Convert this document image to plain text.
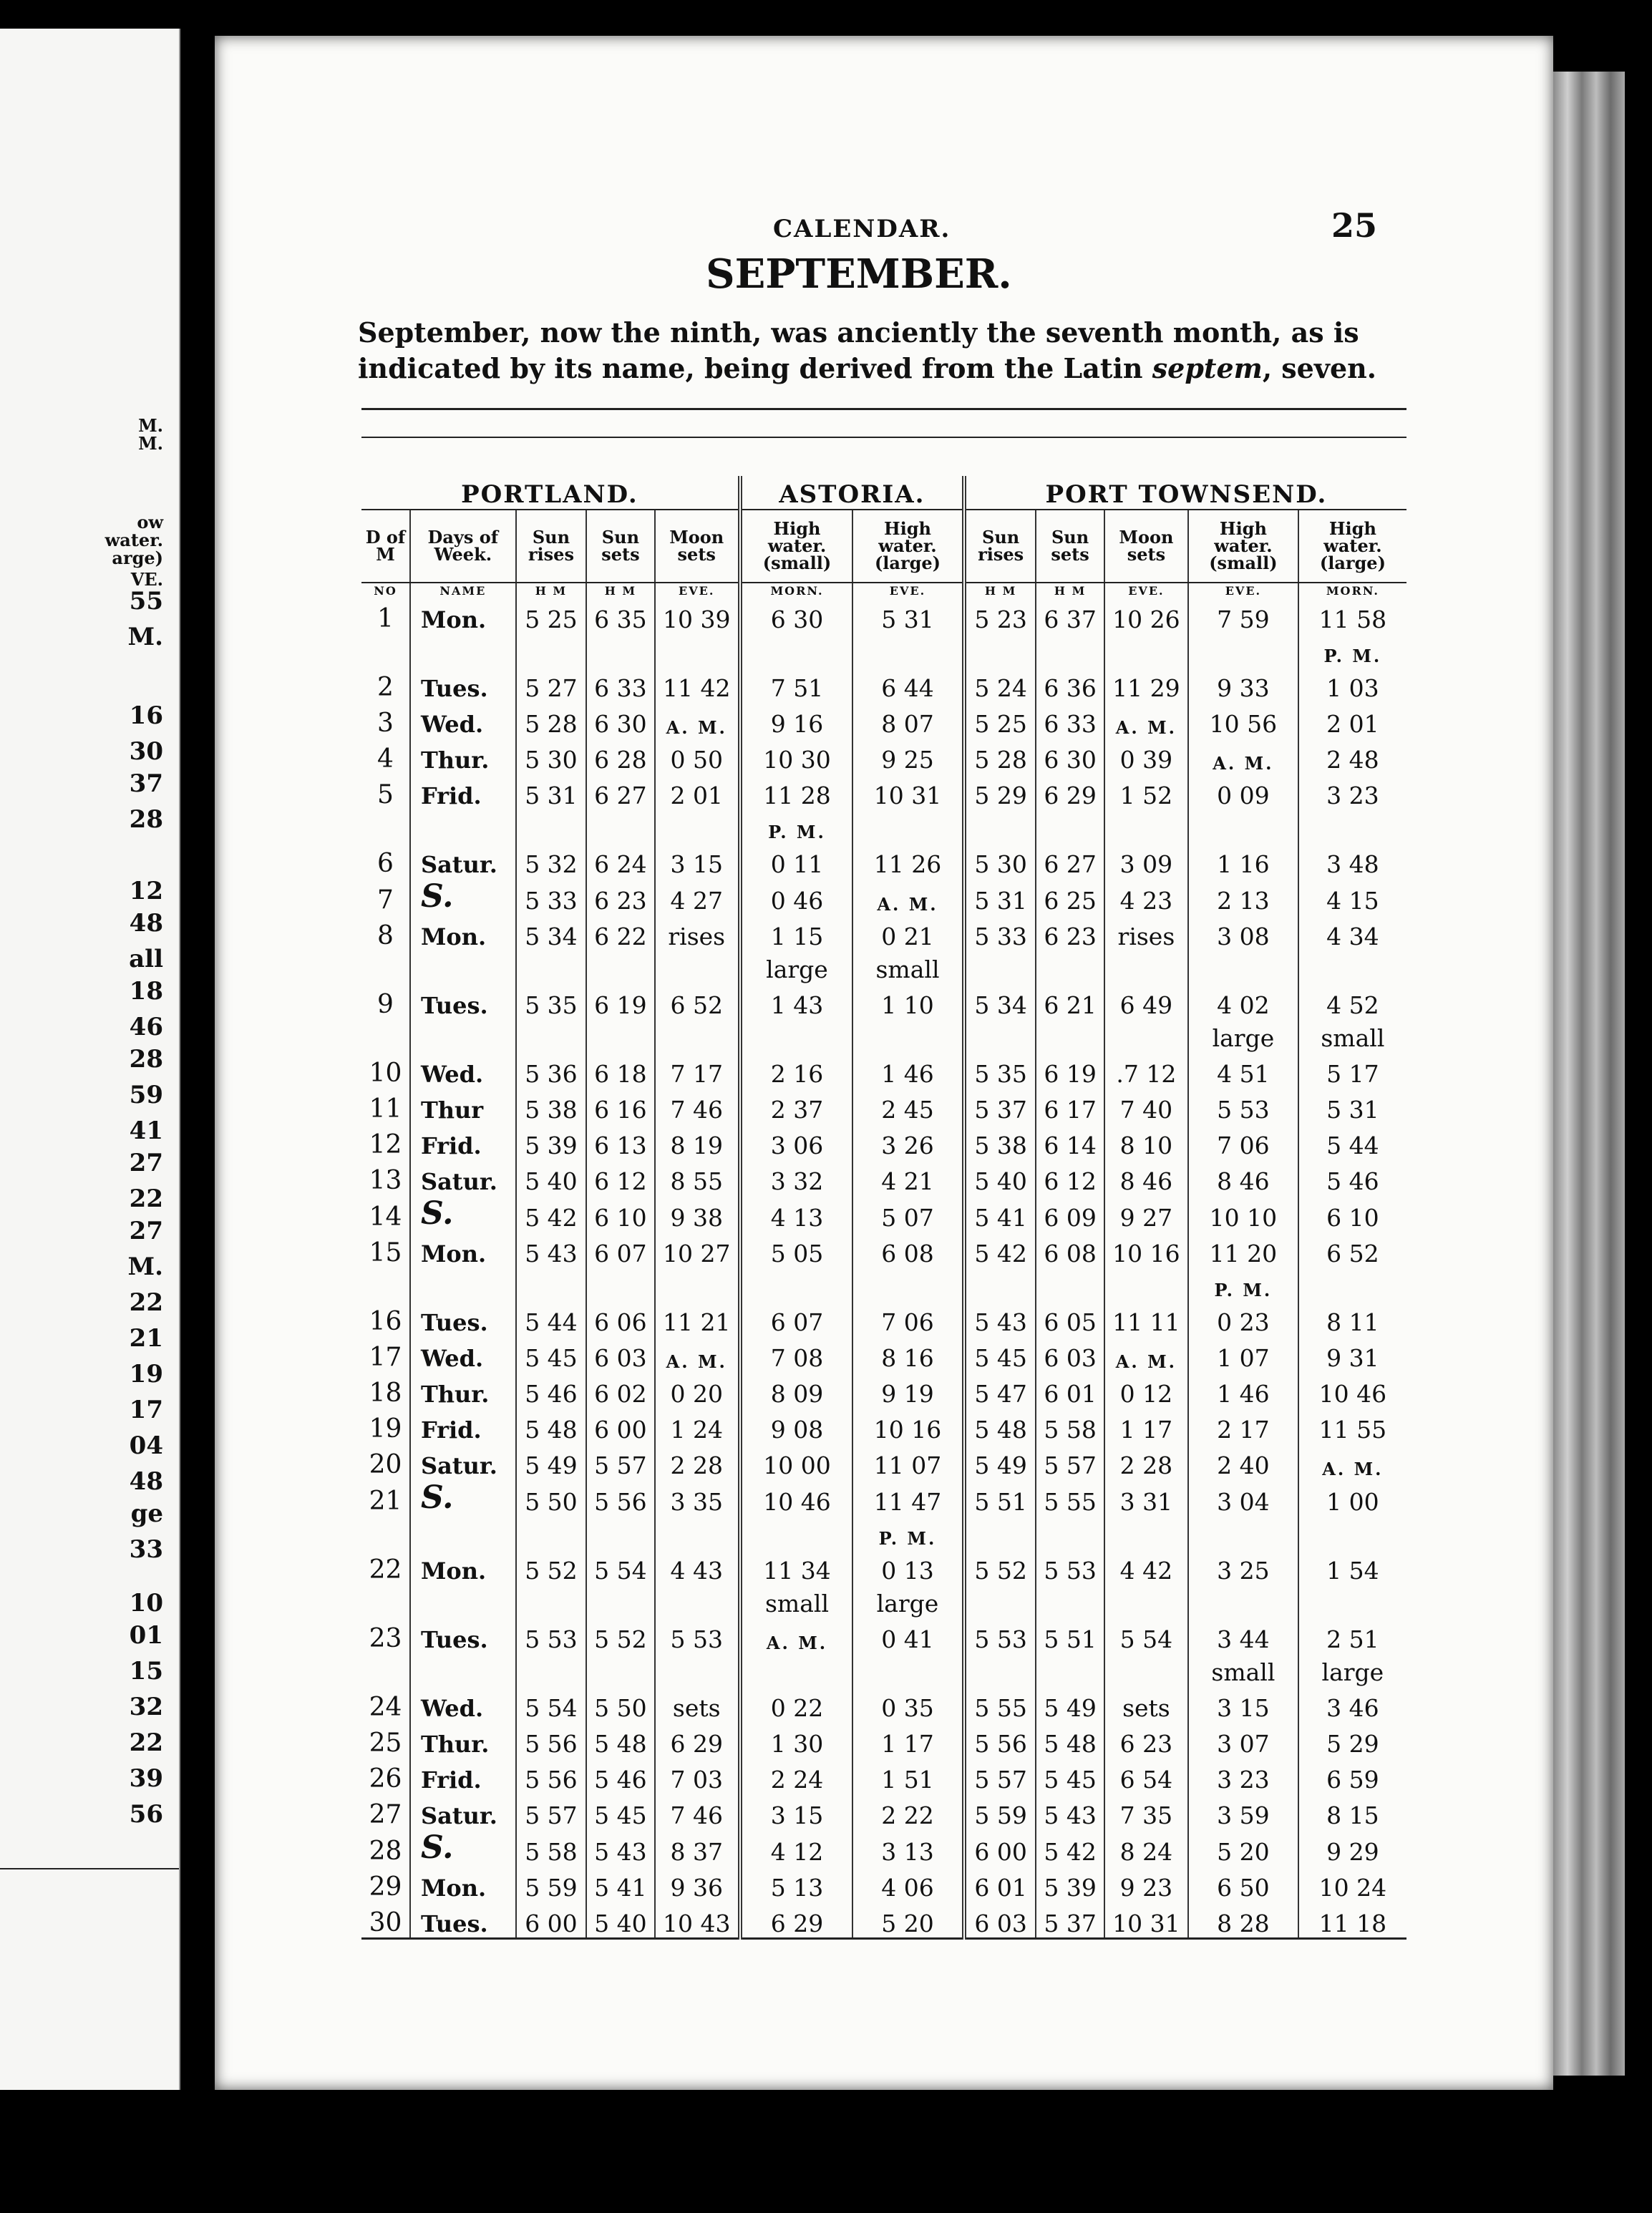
M.
M.
ow
water.
arge)
VE.
55
M.
16
30
37
28
12
48
all
18
46
28
59
41
27
22
27
M.
22
21
19
17
04
48
ge
33
10
01
15
32
22
39
56
CALENDAR.	25
SEPTEMBER.
September, now the ninth, was anciently the seventh month, as is indicated by its name, being derived from the Latin septem, seven.
PORTLAND.					ASTORIA.		PORT TOWNSEND.				
D of M	Days of Week.	Sun rises	Sun sets	Moon sets	High water. (small)	High water. (large)	Sun rises	Sun sets	Moon sets	High water. (small)	High water. (large)
NO	NAME	H M	H M	EVE.	MORN.	EVE.	H M	H M	EVE.	EVE.	MORN.
1	Mon.	5 25	6 35	10 39	6 30	5 31	5 23	6 37	10 26	7 59	11 58
											P. M.
2	Tues.	5 27	6 33	11 42	7 51	6 44	5 24	6 36	11 29	9 33	1 03
3	Wed.	5 28	6 30	A. M.	9 16	8 07	5 25	6 33	A. M.	10 56	2 01
4	Thur.	5 30	6 28	0 50	10 30	9 25	5 28	6 30	0 39	A. M.	2 48
5	Frid.	5 31	6 27	2 01	11 28	10 31	5 29	6 29	1 52	0 09	3 23
					P. M.						
6	Satur.	5 32	6 24	3 15	0 11	11 26	5 30	6 27	3 09	1 16	3 48
7	S.	5 33	6 23	4 27	0 46	A. M.	5 31	6 25	4 23	2 13	4 15
8	Mon.	5 34	6 22	rises	1 15	0 21	5 33	6 23	rises	3 08	4 34
					large	small					
9	Tues.	5 35	6 19	6 52	1 43	1 10	5 34	6 21	6 49	4 02	4 52
										large	small
10	Wed.	5 36	6 18	7 17	2 16	1 46	5 35	6 19	.7 12	4 51	5 17
11	Thur	5 38	6 16	7 46	2 37	2 45	5 37	6 17	7 40	5 53	5 31
12	Frid.	5 39	6 13	8 19	3 06	3 26	5 38	6 14	8 10	7 06	5 44
13	Satur.	5 40	6 12	8 55	3 32	4 21	5 40	6 12	8 46	8 46	5 46
14	S.	5 42	6 10	9 38	4 13	5 07	5 41	6 09	9 27	10 10	6 10
15	Mon.	5 43	6 07	10 27	5 05	6 08	5 42	6 08	10 16	11 20	6 52
										P. M.	
16	Tues.	5 44	6 06	11 21	6 07	7 06	5 43	6 05	11 11	0 23	8 11
17	Wed.	5 45	6 03	A. M.	7 08	8 16	5 45	6 03	A. M.	1 07	9 31
18	Thur.	5 46	6 02	0 20	8 09	9 19	5 47	6 01	0 12	1 46	10 46
19	Frid.	5 48	6 00	1 24	9 08	10 16	5 48	5 58	1 17	2 17	11 55
20	Satur.	5 49	5 57	2 28	10 00	11 07	5 49	5 57	2 28	2 40	A. M.
21	S.	5 50	5 56	3 35	10 46	11 47	5 51	5 55	3 31	3 04	1 00
						P. M.					
22	Mon.	5 52	5 54	4 43	11 34	0 13	5 52	5 53	4 42	3 25	1 54
					small	large					
23	Tues.	5 53	5 52	5 53	A. M.	0 41	5 53	5 51	5 54	3 44	2 51
										small	large
24	Wed.	5 54	5 50	sets	0 22	0 35	5 55	5 49	sets	3 15	3 46
25	Thur.	5 56	5 48	6 29	1 30	1 17	5 56	5 48	6 23	3 07	5 29
26	Frid.	5 56	5 46	7 03	2 24	1 51	5 57	5 45	6 54	3 23	6 59
27	Satur.	5 57	5 45	7 46	3 15	2 22	5 59	5 43	7 35	3 59	8 15
28	S.	5 58	5 43	8 37	4 12	3 13	6 00	5 42	8 24	5 20	9 29
29	Mon.	5 59	5 41	9 36	5 13	4 06	6 01	5 39	9 23	6 50	10 24
30	Tues.	6 00	5 40	10 43	6 29	5 20	6 03	5 37	10 31	8 28	11 18
